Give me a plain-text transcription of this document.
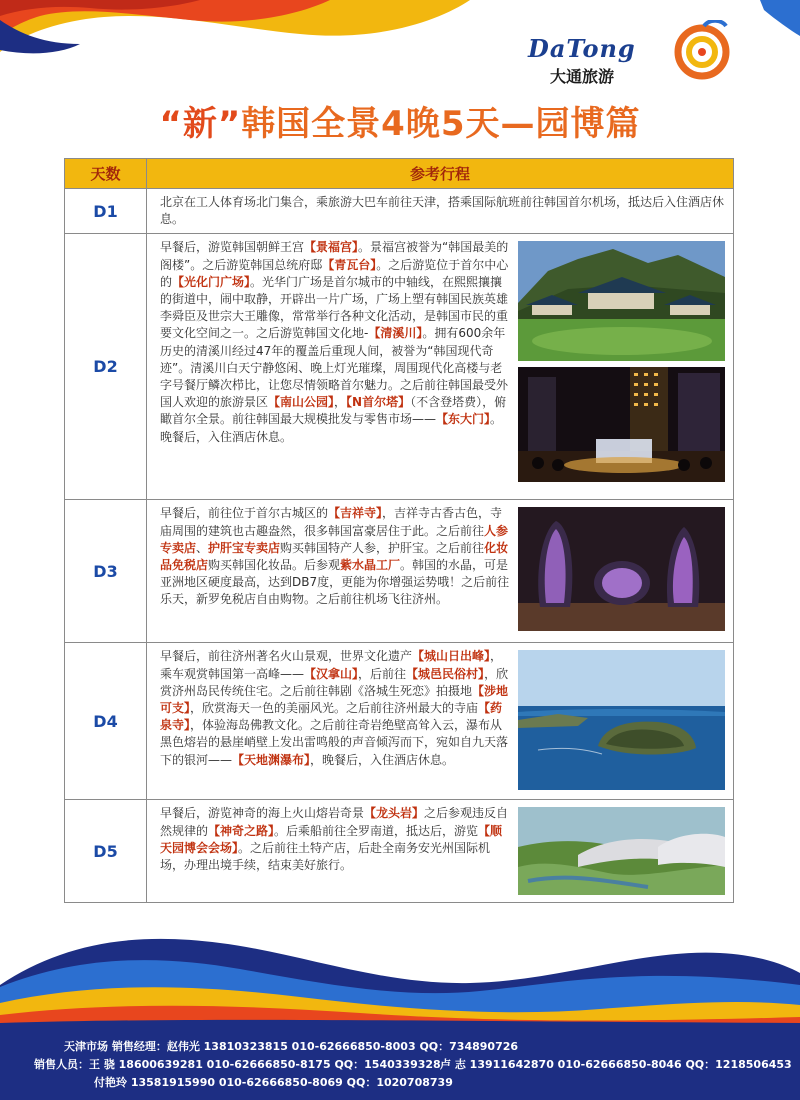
DaTong
大通旅游
“新”韩国全景4晚5天—园博篇
天数	参考行程
D1	北京在工人体育场北门集合，乘旅游大巴车前往天津，搭乘国际航班前往韩国首尔机场，抵达后入住酒店休息。
D2	早餐后，游览韩国朝鲜王宫【景福宫】。景福宫被誉为“韩国最美的阁楼”。之后游览韩国总统府邸【青瓦台】。之后游览位于首尔中心的【光化门广场】。光华门广场是首尔城市的中轴线，在熙熙攘攘的街道中，闹中取静，开辟出一片广场，广场上塑有韩国民族英雄李舜臣及世宗大王雕像，常常举行各种文化活动，是韩国市民的重要文化空间之一。之后游览韩国文化地-【清溪川】。拥有600余年历史的清溪川经过47年的覆盖后重现人间，被誉为“韩国现代奇迹”。清溪川白天宁静悠闲、晚上灯光璀璨，周围现代化高楼与老字号餐厅鳞次栉比，让您尽情领略首尔魅力。之后前往韩国最受外国人欢迎的旅游景区【南山公园】，【N首尔塔】（不含登塔费），俯瞰首尔全景。前往韩国最大规模批发与零售市场——【东大门】。晚餐后，入住酒店休息。

D3	早餐后，前往位于首尔古城区的【吉祥寺】，吉祥寺古香古色，寺庙周围的建筑也古趣盎然，很多韩国富豪居住于此。之后前往人参专卖店、护肝宝专卖店购买韩国特产人参，护肝宝。之后前往化妆品免税店购买韩国化妆品。后参观紫水晶工厂。韩国的水晶，可是亚洲地区硬度最高，达到DB7度，更能为你增强运势哦！之后前往乐天，新罗免税店自由购物。之后前往机场飞往济州。

D4	早餐后，前往济州著名火山景观，世界文化遗产【城山日出峰】，乘车观赏韩国第一高峰——【汉拿山】，后前往【城邑民俗村】，欣赏济州岛民传统住宅。之后前往韩剧《洛城生死恋》拍摄地【涉地可支】，欣赏海天一色的美丽风光。之后前往济州最大的寺庙【药泉寺】，体验海岛佛教文化。之后前往奇岩绝壁高耸入云，瀑布从黑色熔岩的悬崖峭壁上发出雷鸣般的声音倾泻而下，宛如自九天落下的银河——【天地渊瀑布】，晚餐后，入住酒店休息。

D5	早餐后，游览神奇的海上火山熔岩奇景【龙头岩】之后参观违反自然规律的【神奇之路】。后乘船前往全罗南道，抵达后，游览【顺天园博会会场】。之后前往土特产店，后赴全南务安光州国际机场，办理出境手续，结束美好旅行。
天津市场 销售经理：赵伟光 13810323815 010-62666850-8003 QQ：734890726
销售人员：王 骁 18600639281 010-62666850-8175 QQ：1540339328 卢 志 13911642870 010-62666850-8046 QQ：1218506453
付艳玲 13581915990 010-62666850-8069 QQ：1020708739
